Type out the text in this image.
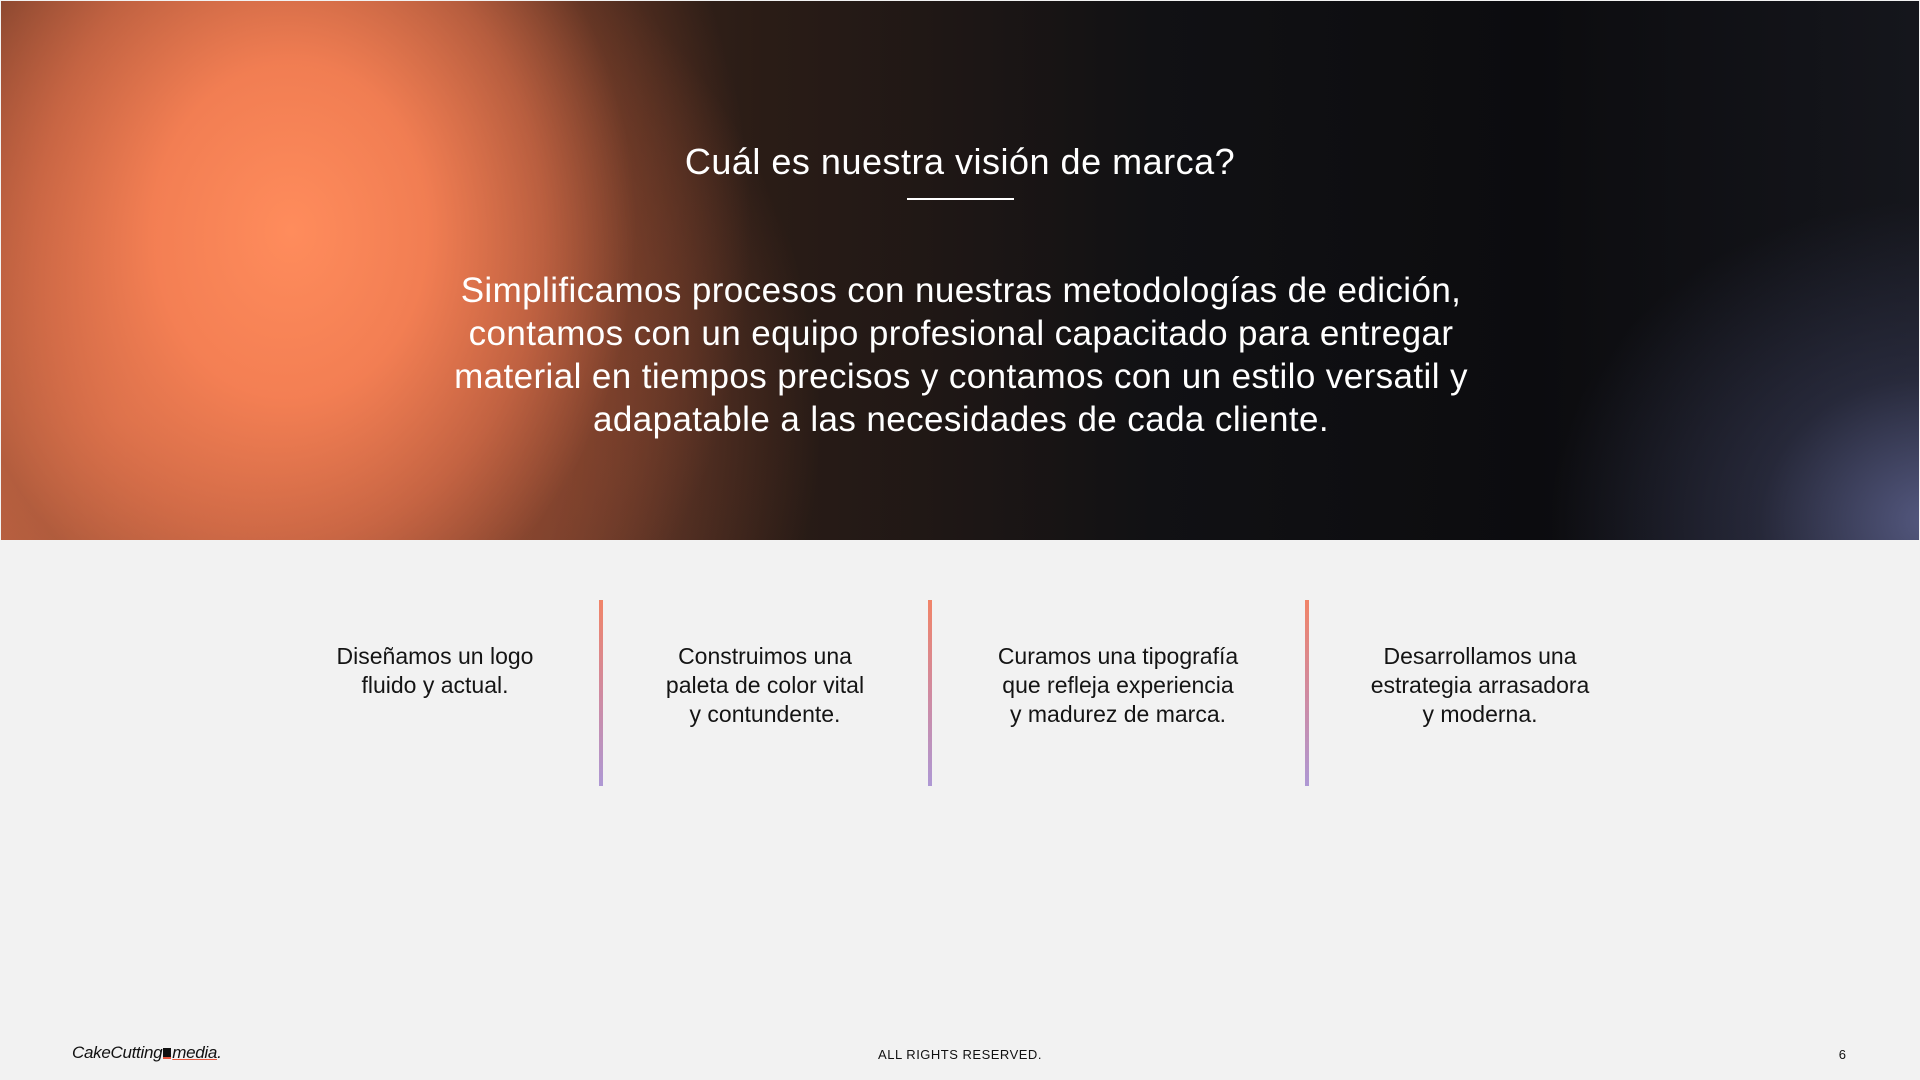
Cuál es nuestra visión de marca?
Simplificamos procesos con nuestras metodologías de edición,
contamos con un equipo profesional capacitado para entregar
material en tiempos precisos y contamos con un estilo versatil y
adapatable a las necesidades de cada cliente.
Diseñamos un logo
fluido y actual.
Construimos una
paleta de color vital
y contundente.
Curamos una tipografía
que refleja experiencia
y madurez de marca.
Desarrollamos una
estrategia arrasadora
y moderna.
CakeCutting media.	ALL RIGHTS RESERVED.	6
